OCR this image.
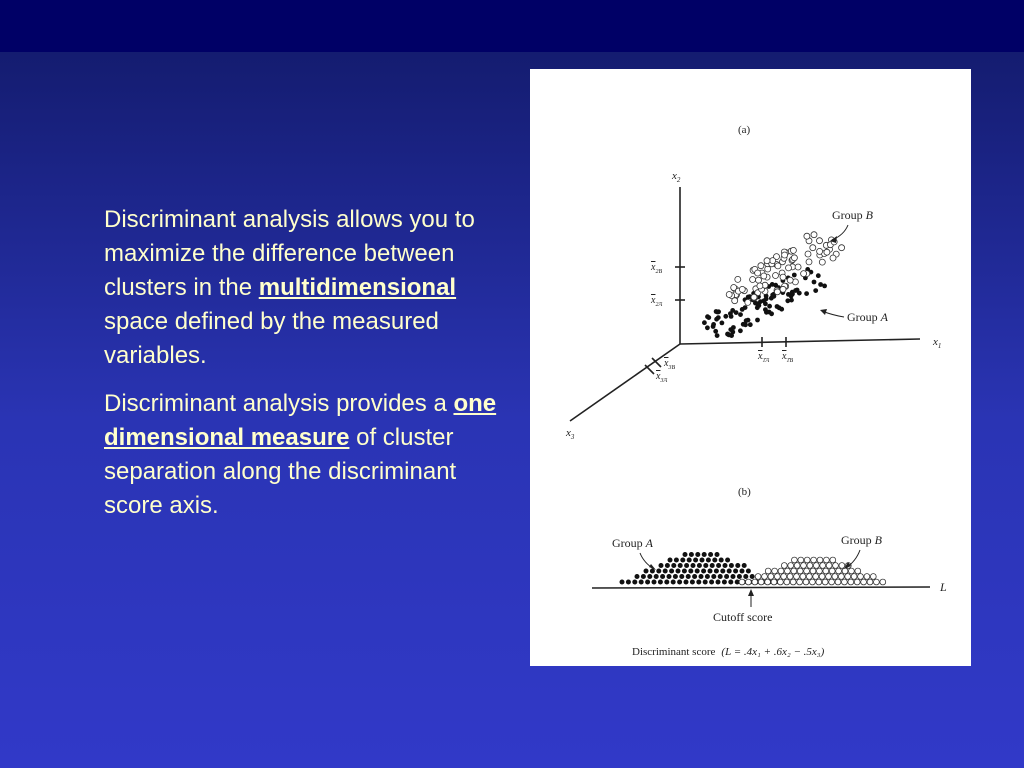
Discriminant analysis allows you to maximize the difference between clusters in the multidimensional space defined by the measured variables.

Discriminant analysis provides a one dimensional measure of cluster separation along the discriminant score axis.

(a)
$x_2$
$x_1$
$x_3$
$x_{2B}$
$x_{2A}$
$x_{1A}$ $x_{1B}$
$x_{3B}$
$x_{3A}$
Group B
Group A
(b)
L
Group A	Group B
Cutoff score
Discriminant score (L = .4x₁ + .6x₂ − .5x₃)
